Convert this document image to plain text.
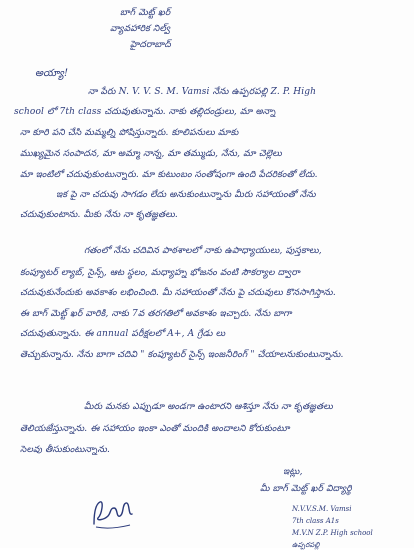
బాగ్ మెట్ట్ ఖర్
వ్యావహారిక నిల్వ్
హైదరాబాద్
అయ్యా!
నా పేరు N. V. V. S. M. Vamsi నేను ఉప్పరపల్లి Z. P. High
school లో 7th class చదువుతున్నాను. నాకు తల్లిదండ్రులు, మా అన్నా
నా కూరి పని చేసి మమ్మల్ని పోషిస్తున్నారు. కూలిపనులు మాకు
ముఖ్యమైన సంపాదన, మా అమ్మా నాన్న, మా తమ్ముడు, నేను, మా చెల్లెలు
మా ఇంటిలో చదువుకుంటున్నారు. మా కుటుంబం సంతోషంగా ఉంది పేదరికంతో లేదు.
ఇక పై నా చదువు సాగడం లేదు అనుకుంటున్నాను మీరు సహాయంతో నేను
చదువుకుంటాను. మీకు నేను నా కృతజ్ఞతలు.
గతంలో నేను చదివిన పాఠశాలలో నాకు ఉపాధ్యాయులు, పుస్తకాలు,
కంప్యూటర్ ల్యాబ్, సైన్స్, ఆట స్థలం, మధ్యాహ్న భోజనం వంటి సౌకర్యాల ద్వారా
చదువుకునేందుకు అవకాశం లభించింది. మీ సహాయంతో నేను పై చదువులు కొనసాగిస్తాను.
ఈ బాగ్ మెట్ట్ ఖర్ వారికి, నాకు 7వ తరగతిలో అవకాశం ఇచ్చారు. నేను బాగా
చదువుతున్నాను. ఈ annual పరీక్షలలో A+, A గ్రేడు లు
తెచ్చుకున్నాను. నేను బాగా చదివి " కంప్యూటర్ సైన్స్ ఇంజనీరింగ్ " చేయాలనుకుంటున్నాను.
మీరు మనకు ఎప్పుడూ అండగా ఉంటారని ఆశిస్తూ నేను నా కృతజ్ఞతలు
తెలియజేస్తున్నాను. ఈ సహాయం ఇంకా ఎంతో మందికి అందాలని కోరుకుంటూ
సెలవు తీసుకుంటున్నాను.
ఇట్లు,
మీ బాగ్ మెట్ట్ ఖర్ విద్యార్థి
N.V.V.S.M. Vamsi
7th class A1s
M.V.N Z.P. High school
ఉప్పరపల్లి
